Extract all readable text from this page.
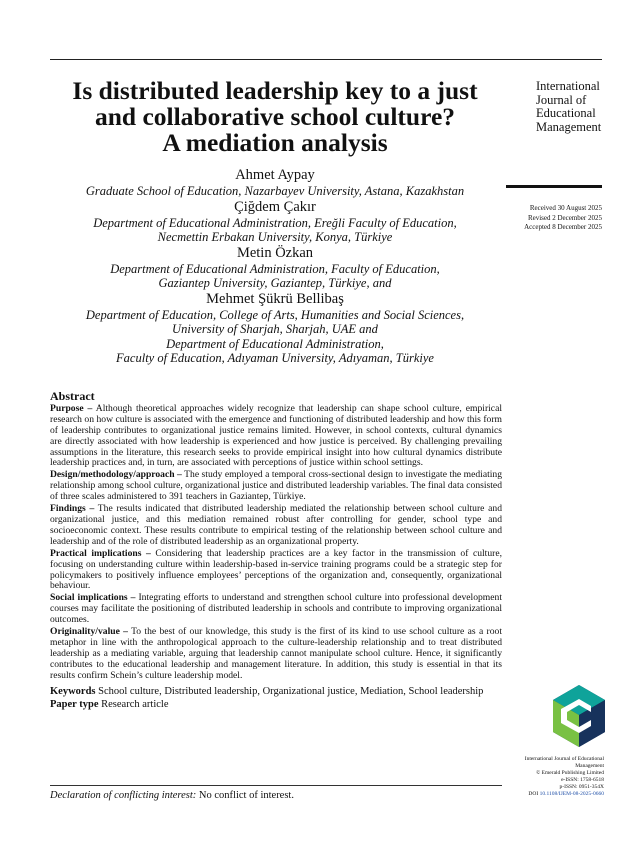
Is distributed leadership key to a just
and collaborative school culture?
A mediation analysis
International
Journal of
Educational
Management
Received 30 August 2025
Revised 2 December 2025
Accepted 8 December 2025
Ahmet Aypay
Graduate School of Education, Nazarbayev University, Astana, Kazakhstan
Çiğdem Çakır
Department of Educational Administration, Ereğli Faculty of Education,
Necmettin Erbakan University, Konya, Türkiye
Metin Özkan
Department of Educational Administration, Faculty of Education,
Gaziantep University, Gaziantep, Türkiye, and
Mehmet Şükrü Bellibaş
Department of Education, College of Arts, Humanities and Social Sciences,
University of Sharjah, Sharjah, UAE and
Department of Educational Administration,
Faculty of Education, Adıyaman University, Adıyaman, Türkiye
Abstract

Purpose – Although theoretical approaches widely recognize that leadership can shape school culture, empirical research on how culture is associated with the emergence and functioning of distributed leadership and how this form of leadership contributes to organizational justice remains limited. However, in school contexts, cultural dynamics are directly associated with how leadership is experienced and how justice is perceived. By challenging prevailing assumptions in the literature, this research seeks to provide empirical insight into how cultural dynamics distribute leadership practices and, in turn, are associated with perceptions of justice within school settings.

Design/methodology/approach – The study employed a temporal cross-sectional design to investigate the mediating relationship among school culture, organizational justice and distributed leadership variables. The final data consisted of three scales administered to 391 teachers in Gaziantep, Türkiye.

Findings – The results indicated that distributed leadership mediated the relationship between school culture and organizational justice, and this mediation remained robust after controlling for gender, school type and socioeconomic context. These results contribute to empirical testing of the relationship between school culture and leadership and of the role of distributed leadership as an organizational property.

Practical implications – Considering that leadership practices are a key factor in the transmission of culture, focusing on understanding culture within leadership-based in-service training programs could be a strategic step for policymakers to positively influence employees’ perceptions of the organization and, consequently, organizational behaviour.

Social implications – Integrating efforts to understand and strengthen school culture into professional development courses may facilitate the positioning of distributed leadership in schools and contribute to improving organizational outcomes.

Originality/value – To the best of our knowledge, this study is the first of its kind to use school culture as a root metaphor in line with the anthropological approach to the culture-leadership relationship and to treat distributed leadership as a mediating variable, arguing that leadership cannot manipulate school culture. Hence, it significantly contributes to the educational leadership and management literature. In addition, this study is essential in that its results confirm Schein’s culture leadership model.

Keywords School culture, Distributed leadership, Organizational justice, Mediation, School leadership
Paper type Research article
International Journal of Educational
Management
© Emerald Publishing Limited
e-ISSN: 1758-6518
p-ISSN: 0951-354X
DOI 10.1108/IJEM-08-2025-0660
Declaration of conflicting interest: No conflict of interest.
